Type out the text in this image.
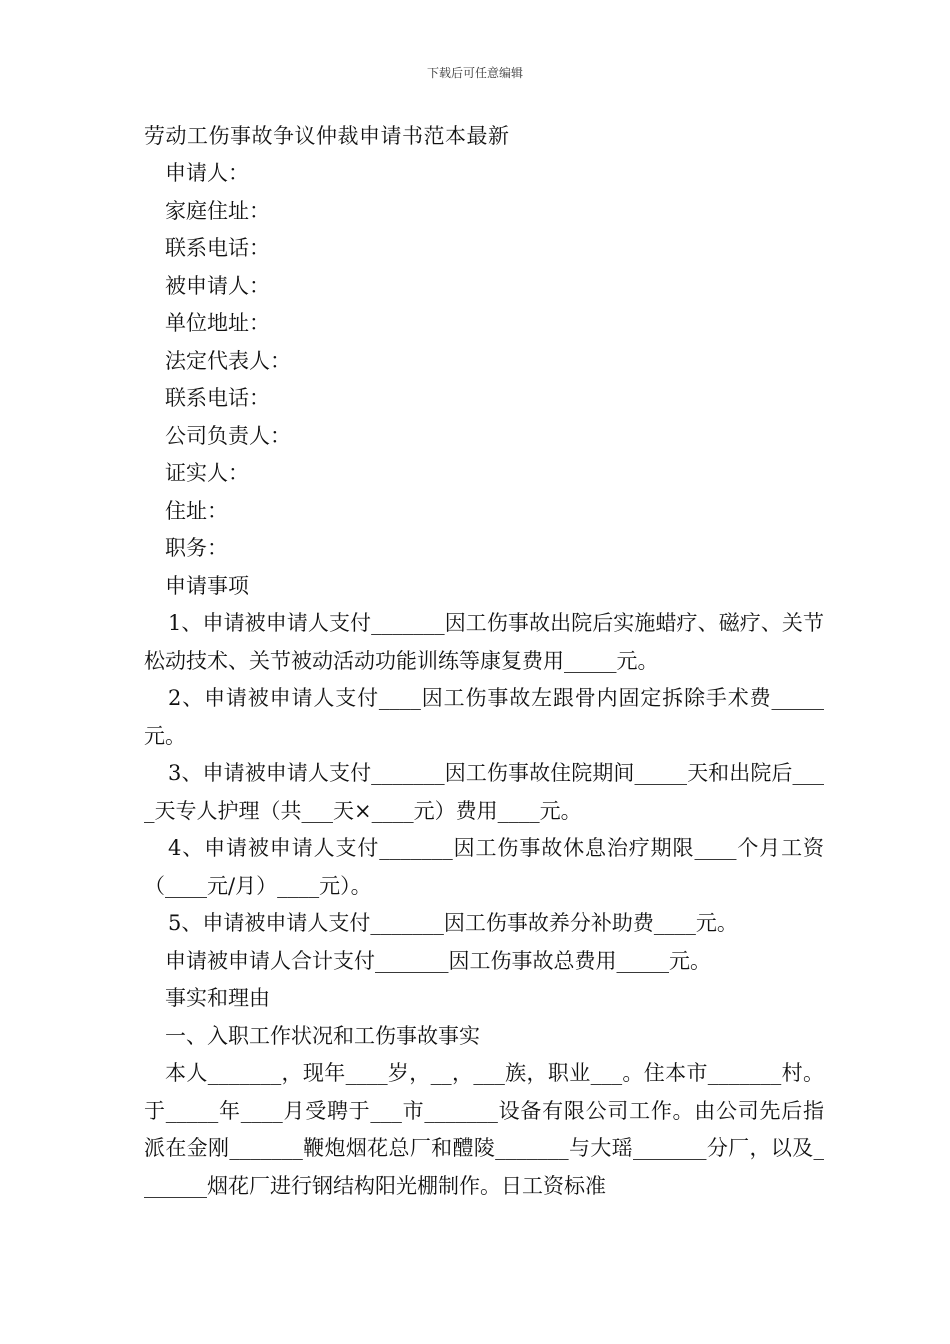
下载后可任意编辑

劳动工伤事故争议仲裁申请书范本最新

申请人：

家庭住址：

联系电话：

被申请人：

单位地址：

法定代表人：

联系电话：

公司负责人：

证实人：

住址：

职务：

申请事项

1、申请被申请人支付_______因工伤事故出院后实施蜡疗、磁疗、关节松动技术、关节被动活动功能训练等康复费用_____元。

2、申请被申请人支付____因工伤事故左跟骨内固定拆除手术费_____元。

3、申请被申请人支付_______因工伤事故住院期间_____天和出院后____天专人护理（共___天×____元）费用____元。

4、申请被申请人支付_______因工伤事故休息治疗期限____个月工资（____元/月）____元）。

5、申请被申请人支付_______因工伤事故养分补助费____元。

申请被申请人合计支付_______因工伤事故总费用_____元。

事实和理由

一、入职工作状况和工伤事故事实

本人_______，现年____岁，__，___族，职业___。住本市_______村。于_____年____月受聘于___市_______设备有限公司工作。由公司先后指派在金刚_______鞭炮烟花总厂和醴陵_______与大瑶_______分厂，以及_______烟花厂进行钢结构阳光棚制作。日工资标准
